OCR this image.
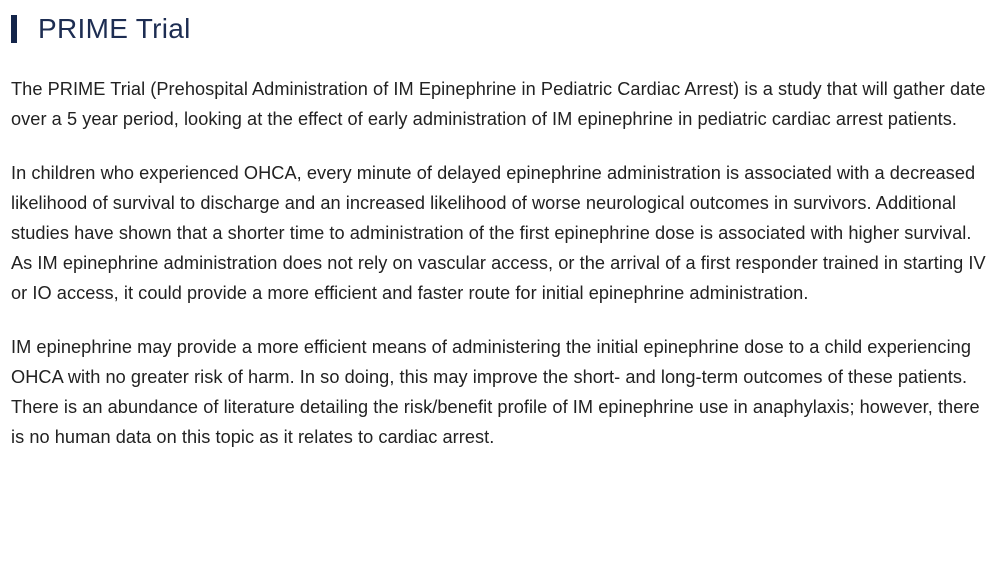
PRIME Trial

The PRIME Trial (Prehospital Administration of IM Epinephrine in Pediatric Cardiac Arrest) is a study that will gather date over a 5 year period, looking at the effect of early administration of IM epinephrine in pediatric cardiac arrest patients.

In children who experienced OHCA, every minute of delayed epinephrine administration is associated with a decreased likelihood of survival to discharge and an increased likelihood of worse neurological outcomes in survivors. Additional studies have shown that a shorter time to administration of the first epinephrine dose is associated with higher survival. As IM epinephrine administration does not rely on vascular access, or the arrival of a first responder trained in starting IV or IO access, it could provide a more efficient and faster route for initial epinephrine administration.

IM epinephrine may provide a more efficient means of administering the initial epinephrine dose to a child experiencing OHCA with no greater risk of harm. In so doing, this may improve the short- and long-term outcomes of these patients. There is an abundance of literature detailing the risk/benefit profile of IM epinephrine use in anaphylaxis; however, there is no human data on this topic as it relates to cardiac arrest.
